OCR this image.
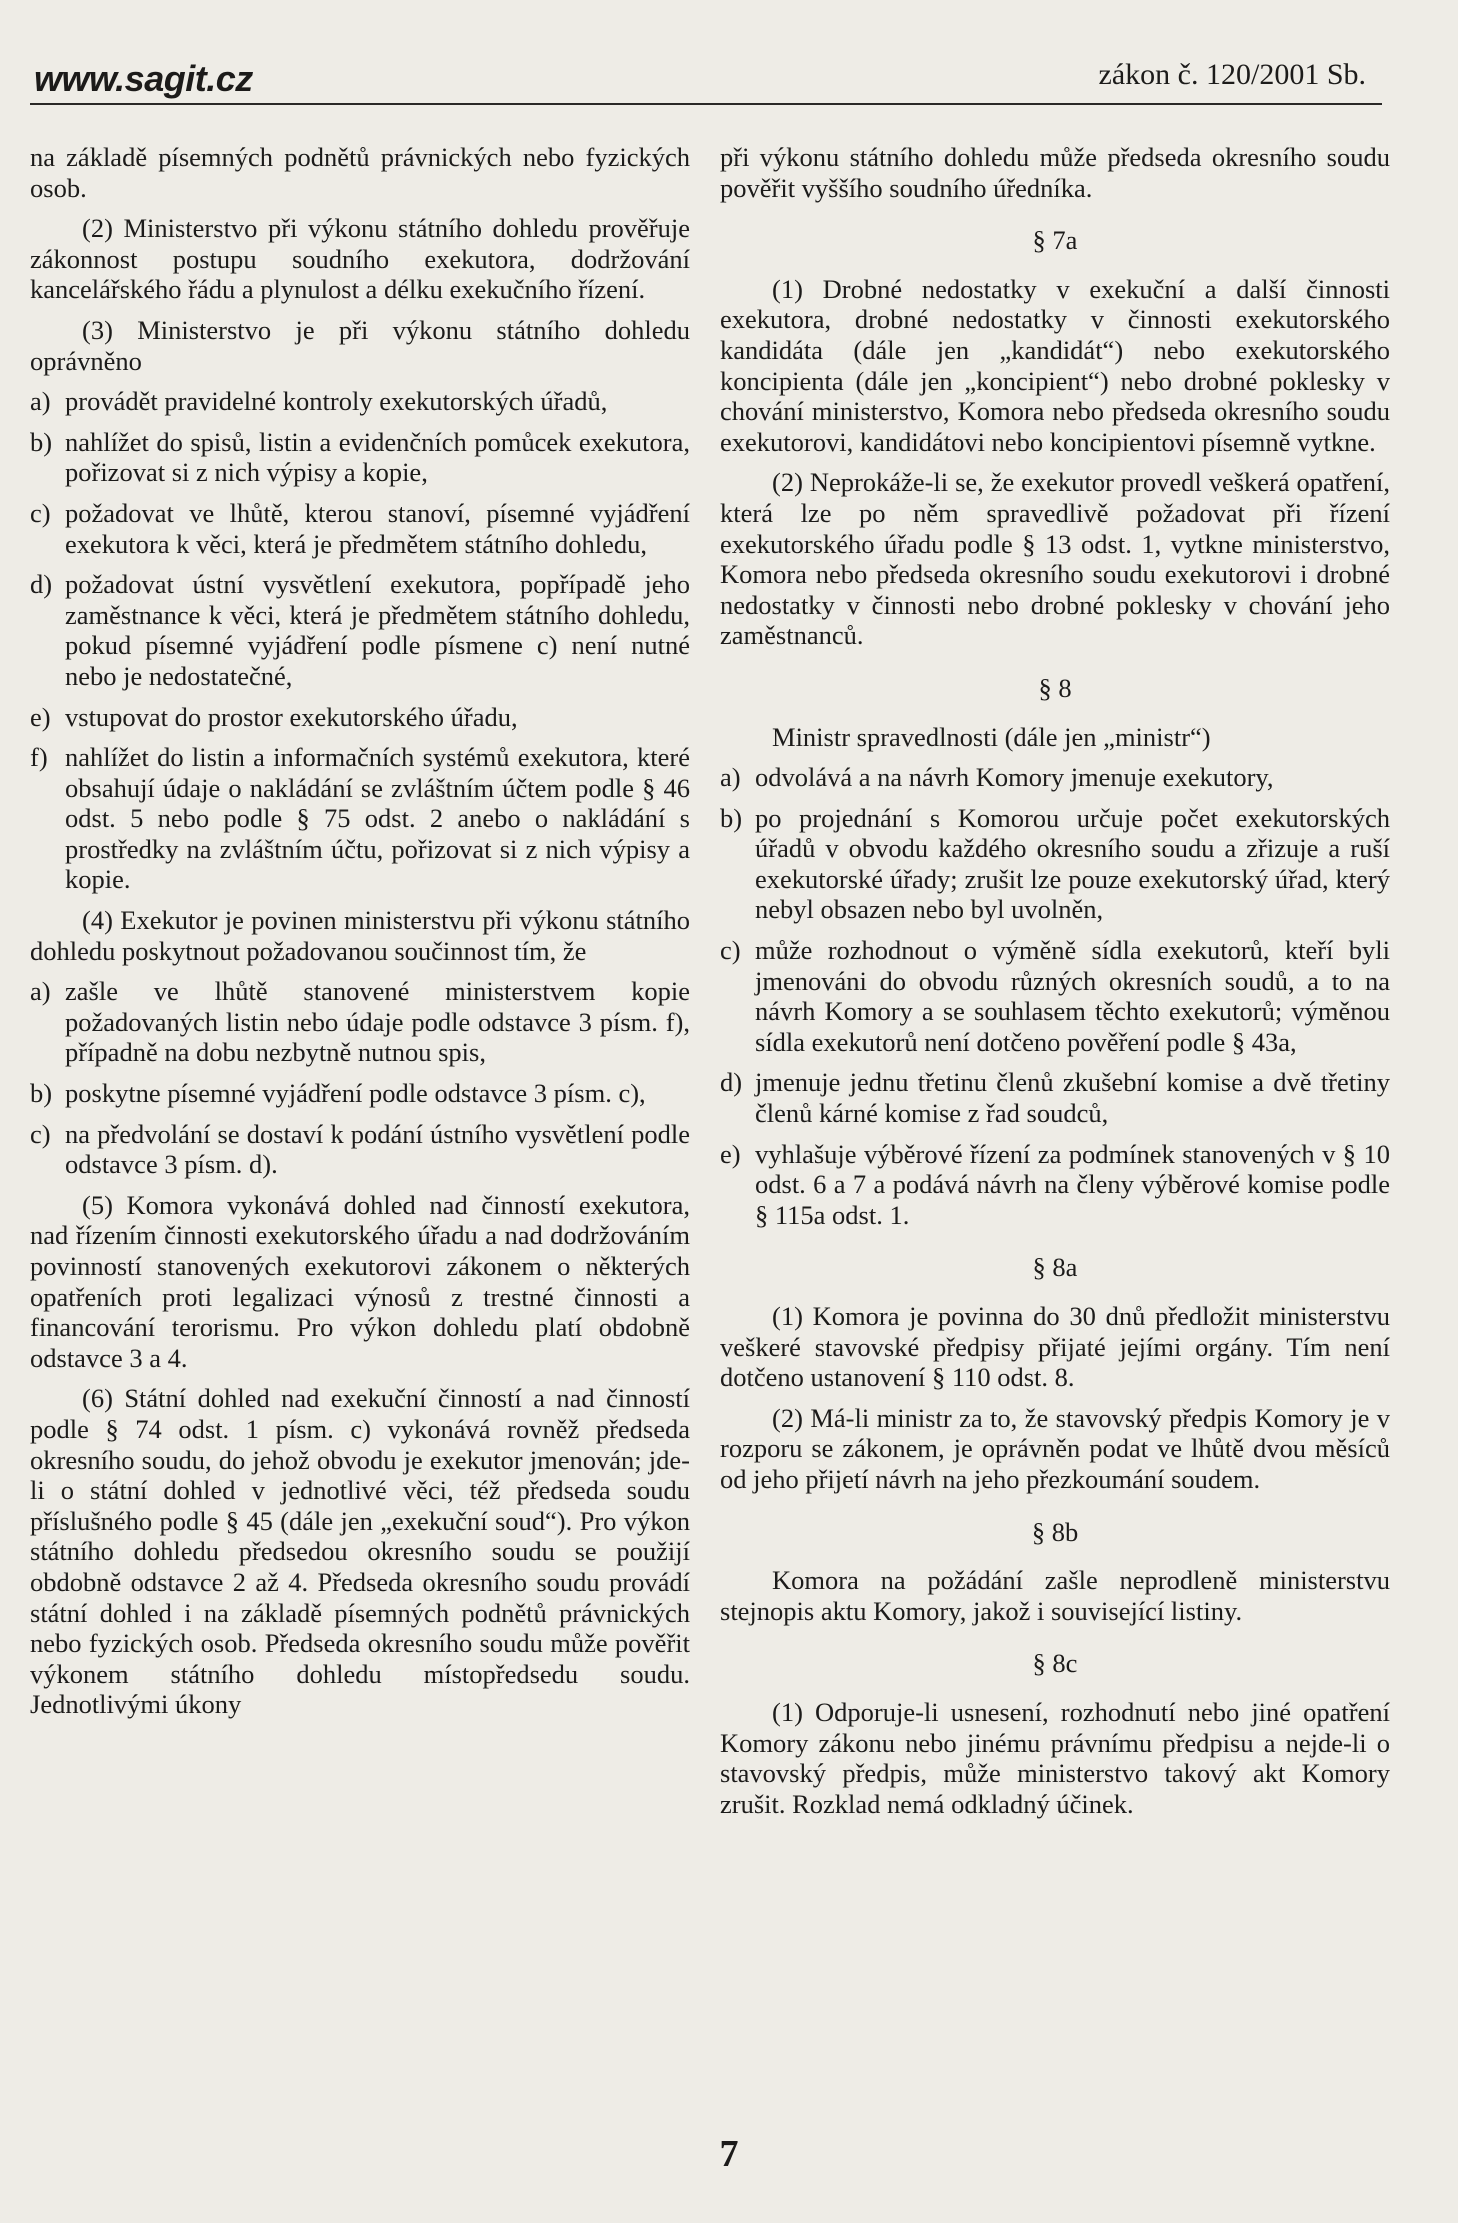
www.sagit.cz	zákon č. 120/2001 Sb.

na základě písemných podnětů právnických nebo fyzických osob.

(2) Ministerstvo při výkonu státního dohledu prověřuje zákonnost postupu soudního exekutora, dodržování kancelářského řádu a plynulost a délku exekučního řízení.

(3) Ministerstvo je při výkonu státního dohledu oprávněno

a) provádět pravidelné kontroly exekutorských úřadů,
b) nahlížet do spisů, listin a evidenčních pomůcek exekutora, pořizovat si z nich výpisy a kopie,
c) požadovat ve lhůtě, kterou stanoví, písemné vyjádření exekutora k věci, která je předmětem státního dohledu,
d) požadovat ústní vysvětlení exekutora, popřípadě jeho zaměstnance k věci, která je předmětem státního dohledu, pokud písemné vyjádření podle písmene c) není nutné nebo je nedostatečné,
e) vstupovat do prostor exekutorského úřadu,
f) nahlížet do listin a informačních systémů exekutora, které obsahují údaje o nakládání se zvláštním účtem podle § 46 odst. 5 nebo podle § 75 odst. 2 anebo o nakládání s prostředky na zvláštním účtu, pořizovat si z nich výpisy a kopie.

(4) Exekutor je povinen ministerstvu při výkonu státního dohledu poskytnout požadovanou součinnost tím, že

a) zašle ve lhůtě stanovené ministerstvem kopie požadovaných listin nebo údaje podle odstavce 3 písm. f), případně na dobu nezbytně nutnou spis,
b) poskytne písemné vyjádření podle odstavce 3 písm. c),
c) na předvolání se dostaví k podání ústního vysvětlení podle odstavce 3 písm. d).

(5) Komora vykonává dohled nad činností exekutora, nad řízením činnosti exekutorského úřadu a nad dodržováním povinností stanovených exekutorovi zákonem o některých opatřeních proti legalizaci výnosů z trestné činnosti a financování terorismu. Pro výkon dohledu platí obdobně odstavce 3 a 4.

(6) Státní dohled nad exekuční činností a nad činností podle § 74 odst. 1 písm. c) vykonává rovněž předseda okresního soudu, do jehož obvodu je exekutor jmenován; jde-li o státní dohled v jednotlivé věci, též předseda soudu příslušného podle § 45 (dále jen „exekuční soud“). Pro výkon státního dohledu předsedou okresního soudu se použijí obdobně odstavce 2 až 4. Předseda okresního soudu provádí státní dohled i na základě písemných podnětů právnických nebo fyzických osob. Předseda okresního soudu může pověřit výkonem státního dohledu místopředsedu soudu. Jednotlivými úkony

při výkonu státního dohledu může předseda okresního soudu pověřit vyššího soudního úředníka.

§ 7a

(1) Drobné nedostatky v exekuční a další činnosti exekutora, drobné nedostatky v činnosti exekutorského kandidáta (dále jen „kandidát“) nebo exekutorského koncipienta (dále jen „koncipient“) nebo drobné poklesky v chování ministerstvo, Komora nebo předseda okresního soudu exekutorovi, kandidátovi nebo koncipientovi písemně vytkne.

(2) Neprokáže-li se, že exekutor provedl veškerá opatření, která lze po něm spravedlivě požadovat při řízení exekutorského úřadu podle § 13 odst. 1, vytkne ministerstvo, Komora nebo předseda okresního soudu exekutorovi i drobné nedostatky v činnosti nebo drobné poklesky v chování jeho zaměstnanců.

§ 8

Ministr spravedlnosti (dále jen „ministr“)

a) odvolává a na návrh Komory jmenuje exekutory,
b) po projednání s Komorou určuje počet exekutorských úřadů v obvodu každého okresního soudu a zřizuje a ruší exekutorské úřady; zrušit lze pouze exekutorský úřad, který nebyl obsazen nebo byl uvolněn,
c) může rozhodnout o výměně sídla exekutorů, kteří byli jmenováni do obvodu různých okresních soudů, a to na návrh Komory a se souhlasem těchto exekutorů; výměnou sídla exekutorů není dotčeno pověření podle § 43a,
d) jmenuje jednu třetinu členů zkušební komise a dvě třetiny členů kárné komise z řad soudců,
e) vyhlašuje výběrové řízení za podmínek stanovených v § 10 odst. 6 a 7 a podává návrh na členy výběrové komise podle § 115a odst. 1.
§ 8a

(1) Komora je povinna do 30 dnů předložit ministerstvu veškeré stavovské předpisy přijaté jejími orgány. Tím není dotčeno ustanovení § 110 odst. 8.

(2) Má-li ministr za to, že stavovský předpis Komory je v rozporu se zákonem, je oprávněn podat ve lhůtě dvou měsíců od jeho přijetí návrh na jeho přezkoumání soudem.

§ 8b

Komora na požádání zašle neprodleně ministerstvu stejnopis aktu Komory, jakož i související listiny.

§ 8c

(1) Odporuje-li usnesení, rozhodnutí nebo jiné opatření Komory zákonu nebo jinému právnímu předpisu a nejde-li o stavovský předpis, může ministerstvo takový akt Komory zrušit. Rozklad nemá odkladný účinek.

7
